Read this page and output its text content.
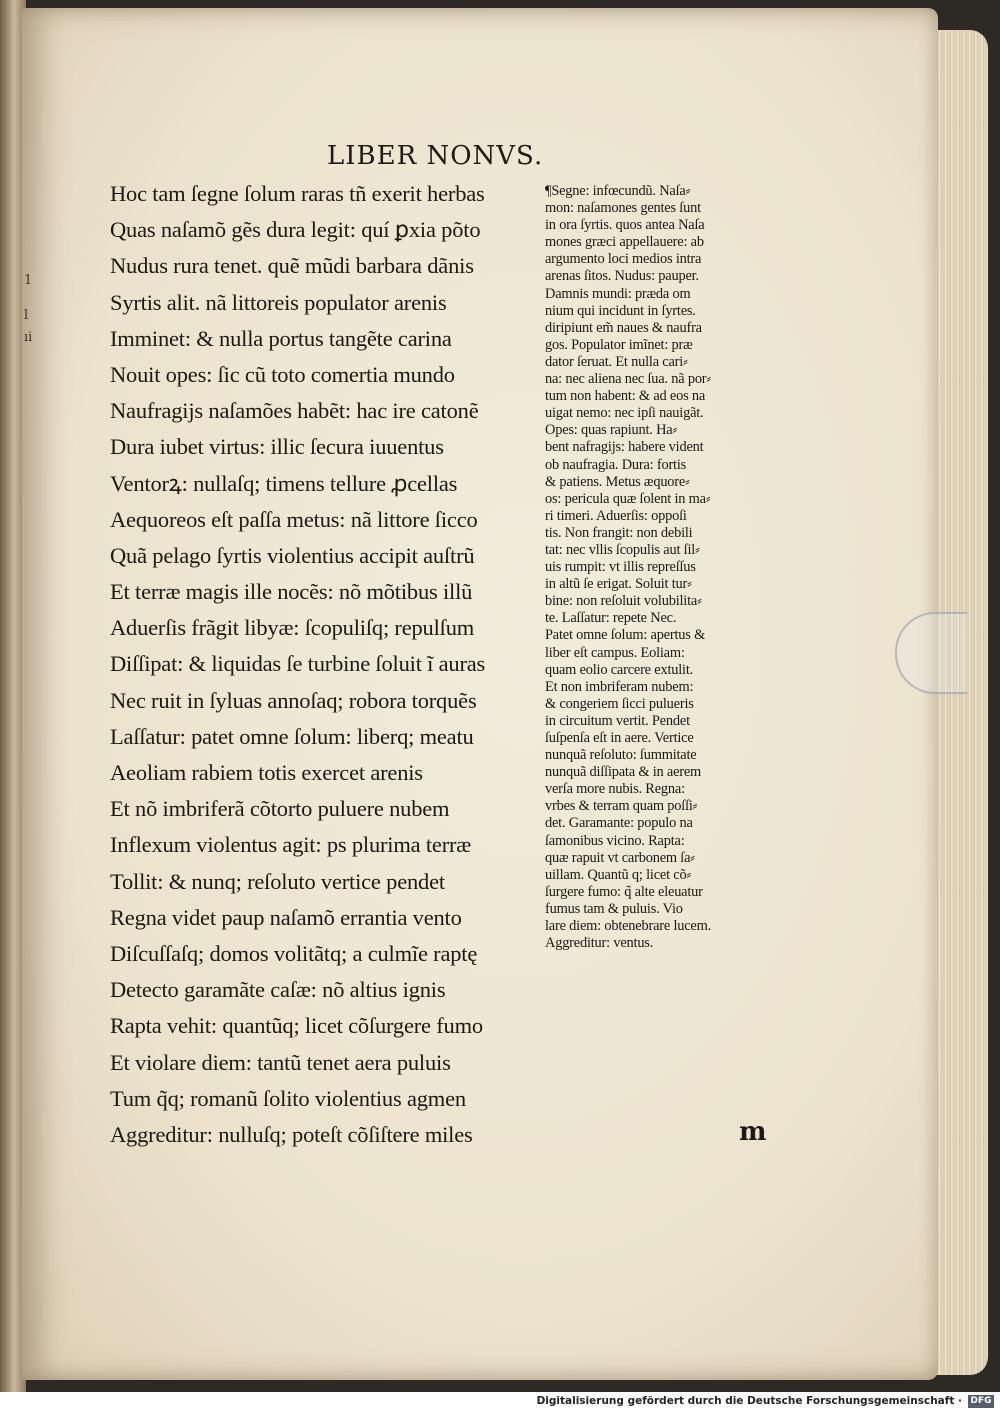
1
l
ıi
LIBER NONVS.
Hoc tam ſegne ſolum raras tñ exerit herbas
Quas naſamõ gẽs dura legit: quí ꝑxia põto
Nudus rura tenet. quẽ mũdi barbara dãnis
Syrtis alit. nã littoreis populator arenis
Imminet: & nulla portus tangẽte carina
Nouit opes: ſic cũ toto comertia mundo
Naufragijs naſamões habẽt: hac ire catonẽ
Dura iubet virtus: illic ſecura iuuentus
Ventorꝝ: nullaſq; timens tellure ꝓcellas
Aequoreos eſt paſſa metus: nã littore ſicco
Quã pelago ſyrtis violentius accipit auſtrũ
Et terræ magis ille nocẽs: nõ mõtibus illũ
Aduerſis frãgit libyæ: ſcopuliſq; repulſum
Diſſipat: & liquidas ſe turbine ſoluit ĩ auras
Nec ruit in ſyluas annoſaq; robora torquẽs
Laſſatur: patet omne ſolum: liberq; meatu
Aeoliam rabiem totis exercet arenis
Et nõ imbriferã cõtorto puluere nubem
Inflexum violentus agit: ps plurima terræ
Tollit: & nunq; reſoluto vertice pendet
Regna videt paup naſamõ errantia vento
Diſcuſſaſq; domos volitãtq; a culmĩe raptę
Detecto garamãte caſæ: nõ altius ignis
Rapta vehit: quantũq; licet cõſurgere fumo
Et violare diem: tantũ tenet aera puluis
Tum q̃q; romanũ ſolito violentius agmen
Aggreditur: nulluſq; poteſt cõſiſtere miles
¶Segne: infœcundũ. Naſa⸗
mon: naſamones gentes ſunt
in ora ſyrtis. quos antea Naſa
mones græci appellauere: ab
argumento loci medios intra
arenas ſitos. Nudus: pauper.
Damnis mundi: præda om
nium qui incidunt in ſyrtes.
diripiunt em̃ naues & naufra
gos. Populator imĩnet: præ
dator ſeruat. Et nulla cari⸗
na: nec aliena nec ſua. nã por⸗
tum non habent: & ad eos na
uigat nemo: nec ipſi nauigãt.
Opes: quas rapiunt. Ha⸗
bent nafragijs: habere vident
ob naufragia. Dura: fortis
& patiens. Metus æquore⸗
os: pericula quæ ſolent in ma⸗
ri timeri. Aduerſis: oppoſi
tis. Non frangit: non debili
tat: nec vllis ſcopulis aut ſil⸗
uis rumpit: vt illis repreſſus
in altũ ſe erigat. Soluit tur⸗
bine: non reſoluit volubilita⸗
te. Laſſatur: repete Nec.
Patet omne ſolum: apertus &
liber eſt campus. Eoliam:
quam eolio carcere extulit.
Et non imbriferam nubem:
& congeriem ſicci pulueris
in circuitum vertit. Pendet
ſuſpenſa eſt in aere. Vertice
nunquã reſoluto: ſummitate
nunquã diſſipata & in aerem
verſa more nubis. Regna:
vrbes & terram quam poſſi⸗
det. Garamante: populo na
ſamonibus vicino. Rapta:
quæ rapuit vt carbonem ſa⸗
uillam. Quantũ q; licet cõ⸗
ſurgere fumo: q̃ alte eleuatur
fumus tam & puluis. Vio
lare diem: obtenebrare lucem.
Aggreditur: ventus.
m
Digitalisierung gefördert durch die Deutsche Forschungsgemeinschaft · DFG
